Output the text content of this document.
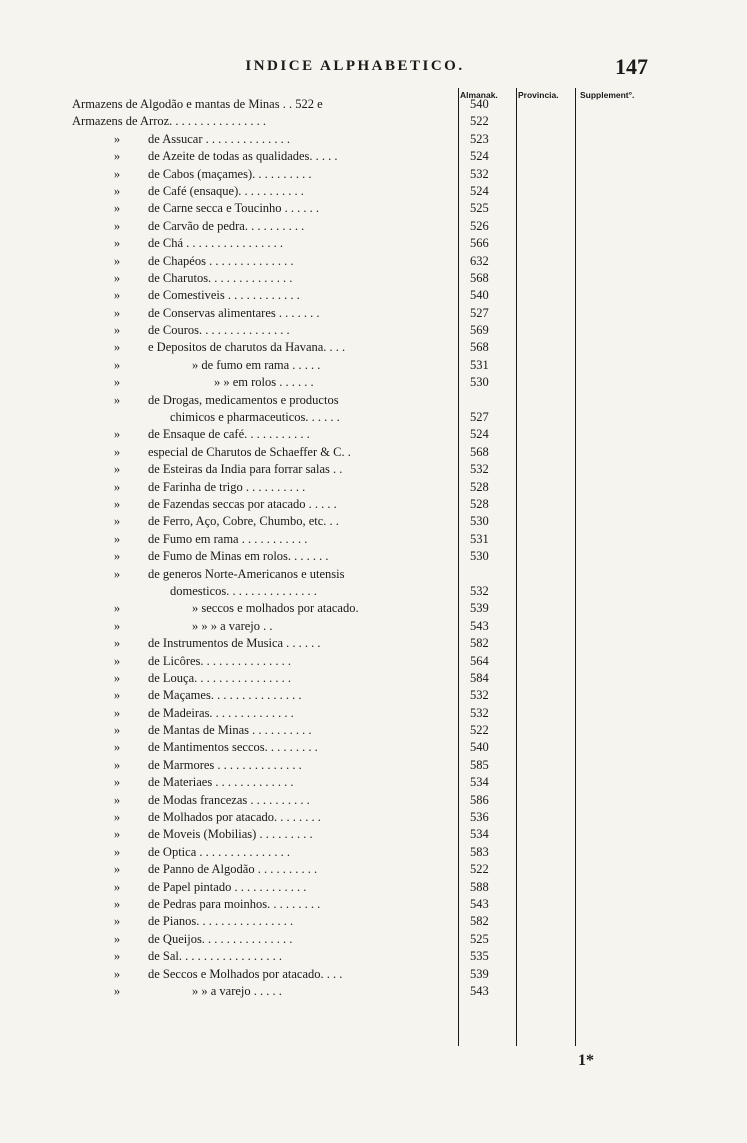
INDICE ALPHABETICO.	147
Almanak. Provincia.	Supplement°.
Armazens de Algodão e mantas de Minas . . 522 e	540
Armazens de Arroz. . . . . . . . . . . . . . . .	522
»	de Assucar . . . . . . . . . . . . . .	523
»	de Azeite de todas as qualidades. . . . .	524
»	de Cabos (maçames). . . . . . . . . .	532
»	de Café (ensaque). . . . . . . . . . .	524
»	de Carne secca e Toucinho . . . . . .	525
»	de Carvão de pedra. . . . . . . . . .	526
»	de Chá . . . . . . . . . . . . . . . .	566
»	de Chapéos . . . . . . . . . . . . . .	632
»	de Charutos. . . . . . . . . . . . . .	568
»	de Comestiveis . . . . . . . . . . . .	540
»	de Conservas alimentares . . . . . . .	527
»	de Couros. . . . . . . . . . . . . . .	569
»	e Depositos de charutos da Havana. . . .	568
»	» de fumo em rama . . . . .	531
»	» » em rolos . . . . . .	530
»	de Drogas, medicamentos e productos
chimicos e pharmaceuticos. . . . . .	527
»	de Ensaque de café. . . . . . . . . . .	524
»	especial de Charutos de Schaeffer & C. .	568
»	de Esteiras da India para forrar salas . .	532
»	de Farinha de trigo . . . . . . . . . .	528
»	de Fazendas seccas por atacado . . . . .	528
»	de Ferro, Aço, Cobre, Chumbo, etc. . .	530
»	de Fumo em rama . . . . . . . . . . .	531
»	de Fumo de Minas em rolos. . . . . . .	530
»	de generos Norte-Americanos e utensis
domesticos. . . . . . . . . . . . . . .	532
»	» seccos e molhados por atacado.	539
»	» » » a varejo . .	543
»	de Instrumentos de Musica . . . . . .	582
»	de Licôres. . . . . . . . . . . . . . .	564
»	de Louça. . . . . . . . . . . . . . . .	584
»	de Maçames. . . . . . . . . . . . . . .	532
»	de Madeiras. . . . . . . . . . . . . .	532
»	de Mantas de Minas . . . . . . . . . .	522
»	de Mantimentos seccos. . . . . . . . .	540
»	de Marmores . . . . . . . . . . . . . .	585
»	de Materiaes . . . . . . . . . . . . .	534
»	de Modas francezas . . . . . . . . . .	586
»	de Molhados por atacado. . . . . . . .	536
»	de Moveis (Mobilias) . . . . . . . . .	534
»	de Optica . . . . . . . . . . . . . . .	583
»	de Panno de Algodão . . . . . . . . . .	522
»	de Papel pintado . . . . . . . . . . . .	588
»	de Pedras para moinhos. . . . . . . . .	543
»	de Pianos. . . . . . . . . . . . . . . .	582
»	de Queijos. . . . . . . . . . . . . . .	525
»	de Sal. . . . . . . . . . . . . . . . .	535
»	de Seccos e Molhados por atacado. . . .	539
»	» » a varejo . . . . .	543
1*
